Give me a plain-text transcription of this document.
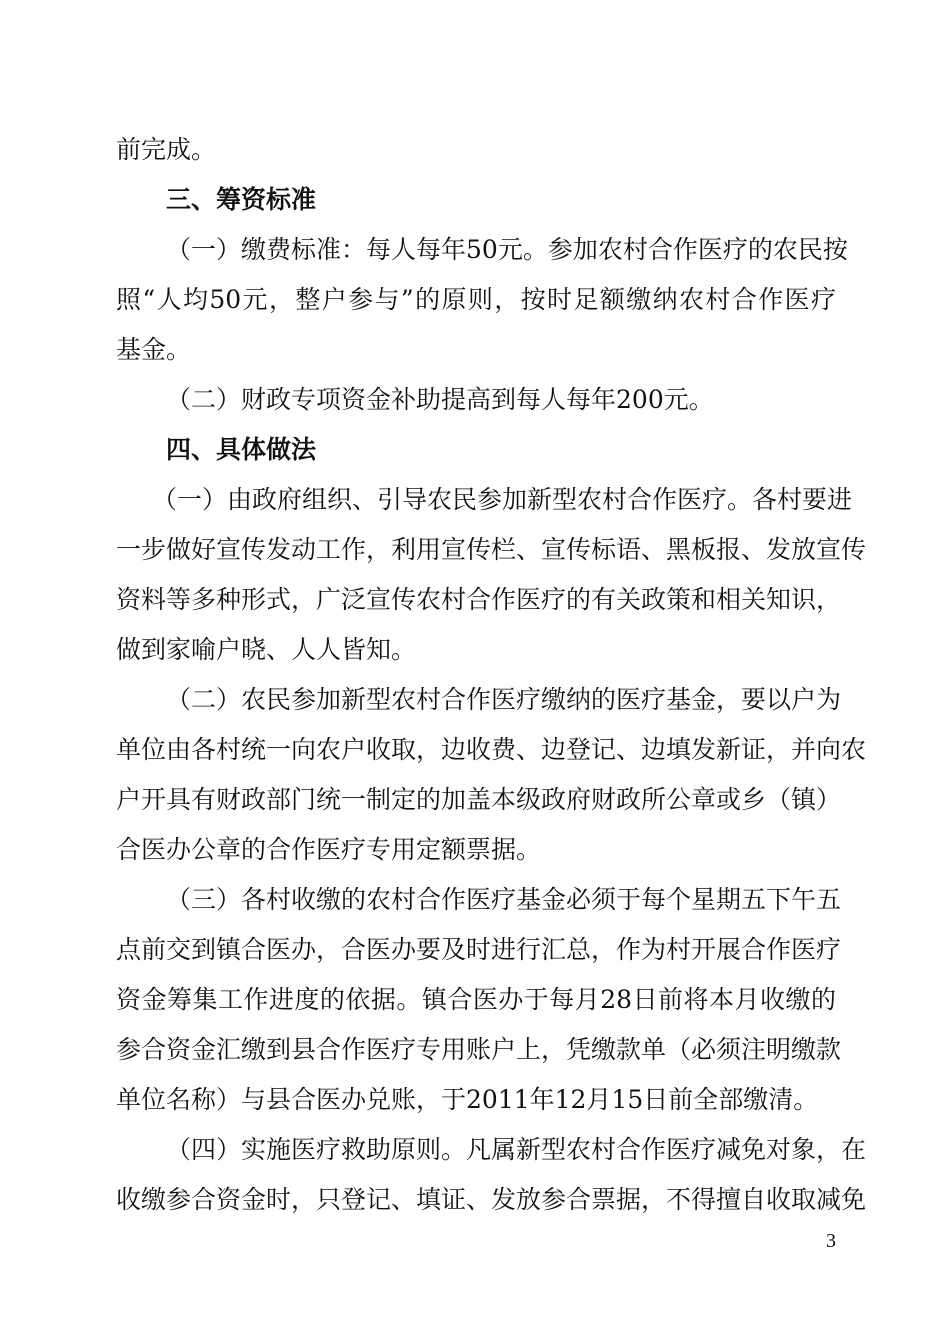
前完成。
三、筹资标准
（一）缴费标准：每人每年50元。参加农村合作医疗的农民按
照“人均50元，整户参与”的原则，按时足额缴纳农村合作医疗
基金。
（二）财政专项资金补助提高到每人每年200元。
四、具体做法
（一）由政府组织、引导农民参加新型农村合作医疗。各村要进
一步做好宣传发动工作，利用宣传栏、宣传标语、黑板报、发放宣传
资料等多种形式，广泛宣传农村合作医疗的有关政策和相关知识，
做到家喻户晓、人人皆知。
（二）农民参加新型农村合作医疗缴纳的医疗基金，要以户为
单位由各村统一向农户收取，边收费、边登记、边填发新证，并向农
户开具有财政部门统一制定的加盖本级政府财政所公章或乡（镇）
合医办公章的合作医疗专用定额票据。
（三）各村收缴的农村合作医疗基金必须于每个星期五下午五
点前交到镇合医办，合医办要及时进行汇总，作为村开展合作医疗
资金筹集工作进度的依据。镇合医办于每月28日前将本月收缴的
参合资金汇缴到县合作医疗专用账户上，凭缴款单（必须注明缴款
单位名称）与县合医办兑账，于2011年12月15日前全部缴清。
（四）实施医疗救助原则。凡属新型农村合作医疗减免对象，在
收缴参合资金时，只登记、填证、发放参合票据，不得擅自收取减免
3
